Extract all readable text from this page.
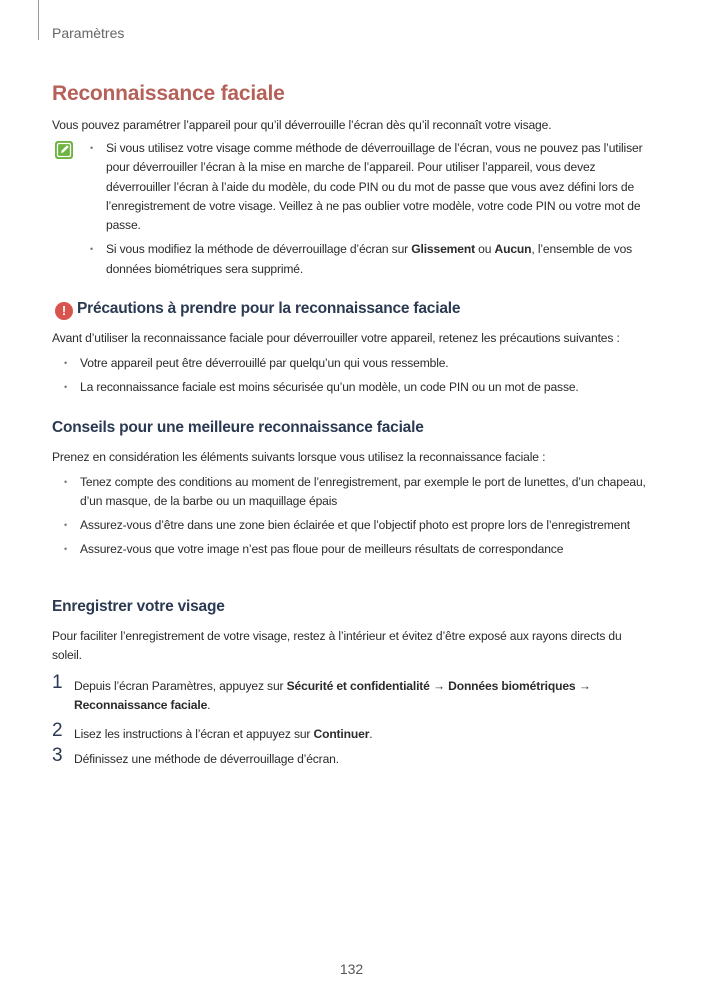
Paramètres
Reconnaissance faciale

Vous pouvez paramétrer l’appareil pour qu’il déverrouille l’écran dès qu’il reconnaît votre visage.

• Si vous utilisez votre visage comme méthode de déverrouillage de l’écran, vous ne pouvez pas l’utiliser pour déverrouiller l’écran à la mise en marche de l’appareil. Pour utiliser l’appareil, vous devez déverrouiller l’écran à l’aide du modèle, du code PIN ou du mot de passe que vous avez défini lors de l’enregistrement de votre visage. Veillez à ne pas oublier votre modèle, votre code PIN ou votre mot de passe.
• Si vous modifiez la méthode de déverrouillage d’écran sur Glissement ou Aucun, l’ensemble de vos données biométriques sera supprimé.
! Précautions à prendre pour la reconnaissance faciale

Avant d’utiliser la reconnaissance faciale pour déverrouiller votre appareil, retenez les précautions suivantes :

• Votre appareil peut être déverrouillé par quelqu’un qui vous ressemble.
• La reconnaissance faciale est moins sécurisée qu’un modèle, un code PIN ou un mot de passe.
Conseils pour une meilleure reconnaissance faciale

Prenez en considération les éléments suivants lorsque vous utilisez la reconnaissance faciale :

• Tenez compte des conditions au moment de l’enregistrement, par exemple le port de lunettes, d’un chapeau, d’un masque, de la barbe ou un maquillage épais
• Assurez-vous d’être dans une zone bien éclairée et que l’objectif photo est propre lors de l’enregistrement
• Assurez-vous que votre image n’est pas floue pour de meilleurs résultats de correspondance
Enregistrer votre visage

Pour faciliter l’enregistrement de votre visage, restez à l’intérieur et évitez d’être exposé aux rayons directs du soleil.

1 Depuis l’écran Paramètres, appuyez sur Sécurité et confidentialité → Données biométriques → Reconnaissance faciale.
2 Lisez les instructions à l’écran et appuyez sur Continuer.
3 Définissez une méthode de déverrouillage d’écran.
132
